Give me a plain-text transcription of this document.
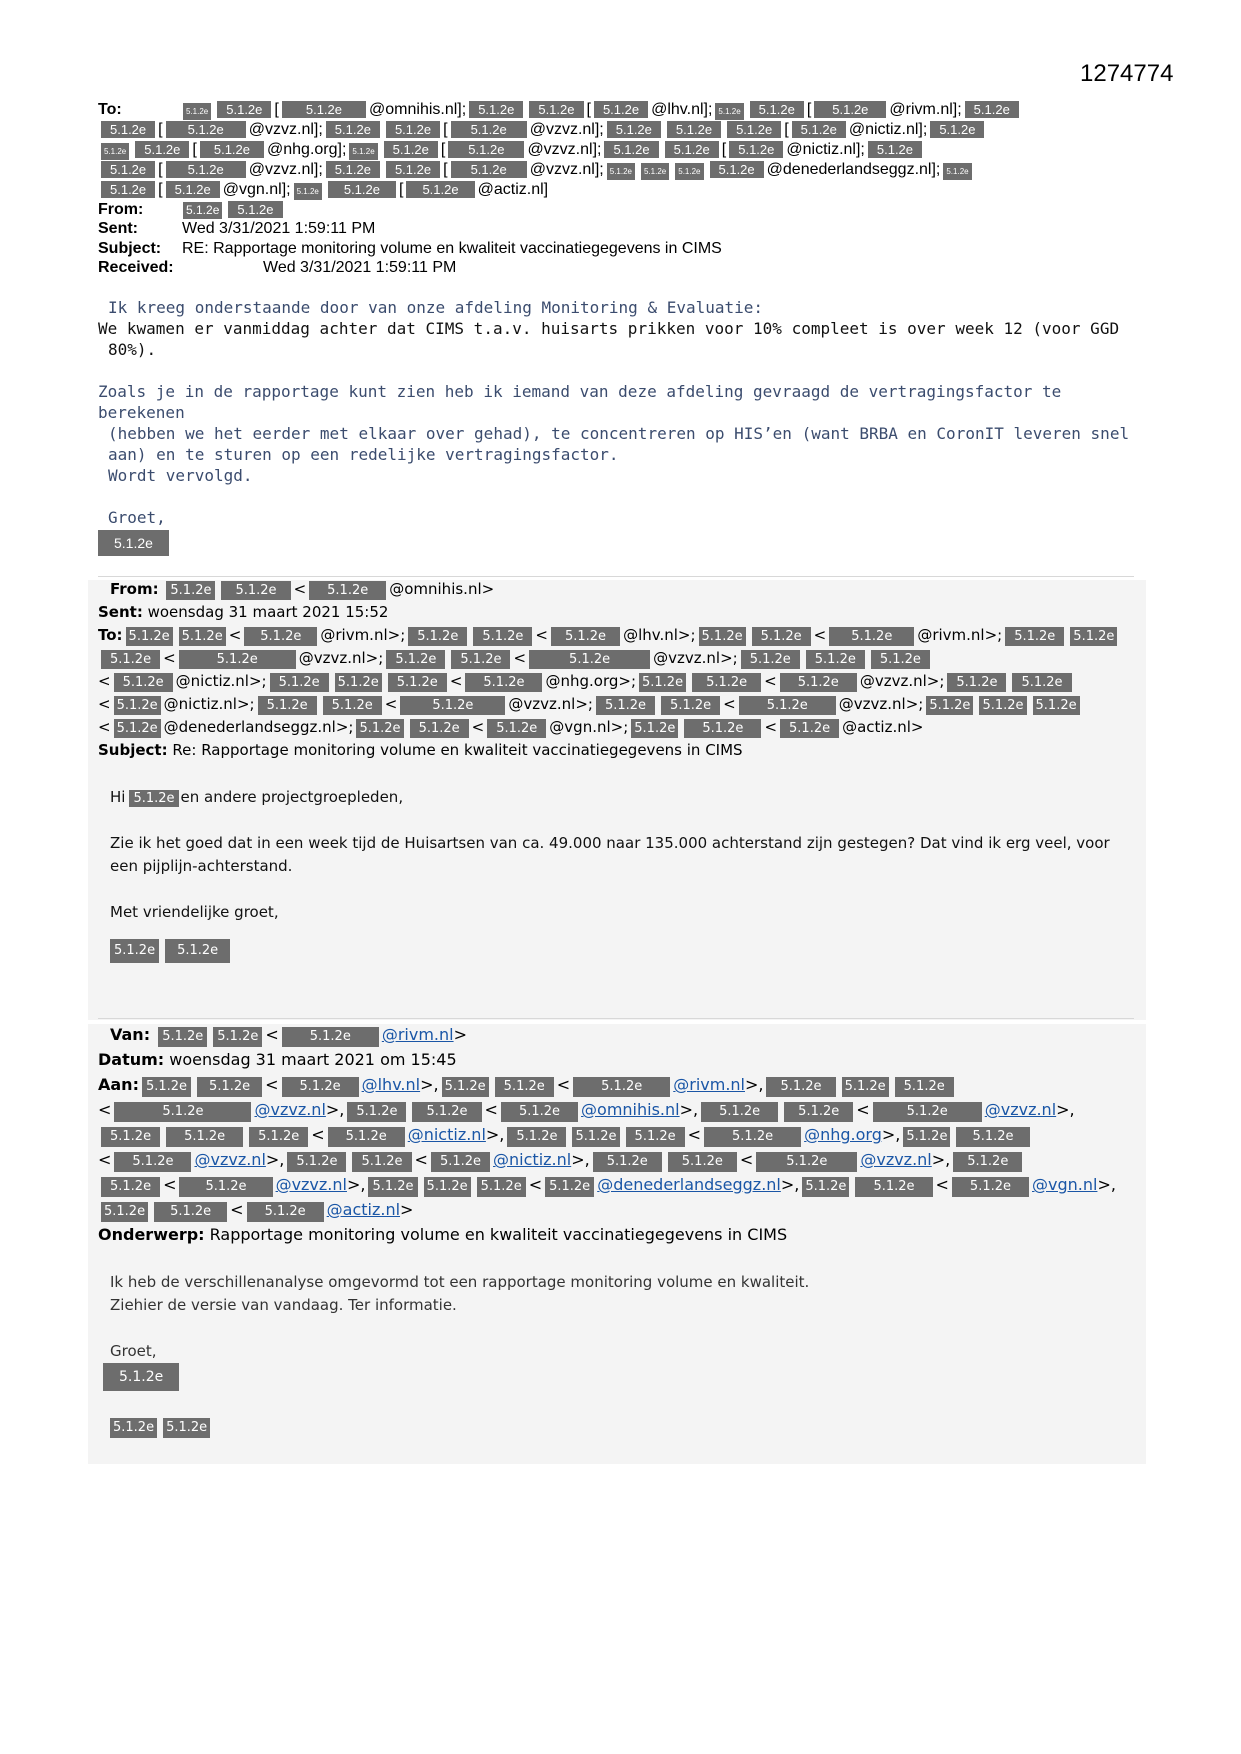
1274774
To:	5.1.2e 5.1.2e [ 5.1.2e @omnihis.nl]; 5.1.2e 5.1.2e [ 5.1.2e @lhv.nl]; 5.1.2e 5.1.2e [ 5.1.2e @rivm.nl]; 5.1.2e
5.1.2e [ 5.1.2e @vzvz.nl]; 5.1.2e 5.1.2e [ 5.1.2e @vzvz.nl]; 5.1.2e 5.1.2e 5.1.2e [ 5.1.2e @nictiz.nl]; 5.1.2e
5.1.2e 5.1.2e [ 5.1.2e @nhg.org]; 5.1.2e 5.1.2e [ 5.1.2e @vzvz.nl]; 5.1.2e 5.1.2e [ 5.1.2e @nictiz.nl]; 5.1.2e
5.1.2e [ 5.1.2e @vzvz.nl]; 5.1.2e 5.1.2e [ 5.1.2e @vzvz.nl]; 5.1.2e 5.1.2e 5.1.2e 5.1.2e @denederlandseggz.nl]; 5.1.2e
5.1.2e [ 5.1.2e @vgn.nl]; 5.1.2e 5.1.2e [ 5.1.2e @actiz.nl]
From:	5.1.2e 5.1.2e
Sent:	Wed 3/31/2021 1:59:11 PM
Subject: RE: Rapportage monitoring volume en kwaliteit vaccinatiegegevens in CIMS
Received:	Wed 3/31/2021 1:59:11 PM
Ik kreeg onderstaande door van onze afdeling Monitoring & Evaluatie:
We kwamen er vanmiddag achter dat CIMS t.a.v. huisarts prikken voor 10% compleet is over week 12 (voor GGD
80%).
Zoals je in de rapportage kunt zien heb ik iemand van deze afdeling gevraagd de vertragingsfactor te berekenen
(hebben we het eerder met elkaar over gehad), te concentreren op HIS’en (want BRBA en CoronIT leveren snel
aan) en te sturen op een redelijke vertragingsfactor.
Wordt vervolgd.
Groet,
5.1.2e
From: 5.1.2e 5.1.2e < 5.1.2e @omnihis.nl>
Sent: woensdag 31 maart 2021 15:52
To: 5.1.2e 5.1.2e < 5.1.2e @rivm.nl>; 5.1.2e 5.1.2e < 5.1.2e @lhv.nl>; 5.1.2e 5.1.2e < 5.1.2e @rivm.nl>; 5.1.2e 5.1.2e
5.1.2e <	5.1.2e	@vzvz.nl>; 5.1.2e 5.1.2e <	5.1.2e	@vzvz.nl>; 5.1.2e 5.1.2e 5.1.2e
< 5.1.2e @nictiz.nl>; 5.1.2e 5.1.2e 5.1.2e < 5.1.2e @nhg.org>; 5.1.2e 5.1.2e < 5.1.2e @vzvz.nl>; 5.1.2e 5.1.2e
< 5.1.2e @nictiz.nl>; 5.1.2e 5.1.2e <	5.1.2e @vzvz.nl>; 5.1.2e 5.1.2e < 5.1.2e @vzvz.nl>; 5.1.2e 5.1.2e 5.1.2e
< 5.1.2e @denederlandseggz.nl>; 5.1.2e 5.1.2e < 5.1.2e @vgn.nl>; 5.1.2e 5.1.2e < 5.1.2e @actiz.nl>
Subject: Re: Rapportage monitoring volume en kwaliteit vaccinatiegegevens in CIMS
Hi 5.1.2e en andere projectgroepleden,
Zie ik het goed dat in een week tijd de Huisartsen van ca. 49.000 naar 135.000 achterstand zijn gestegen? Dat vind ik erg veel, voor
een pijplijn-achterstand.
Met vriendelijke groet,
5.1.2e 5.1.2e
Van: 5.1.2e 5.1.2e < 5.1.2e @rivm.nl>
Datum: woensdag 31 maart 2021 om 15:45
Aan: 5.1.2e 5.1.2e < 5.1.2e @lhv.nl>, 5.1.2e 5.1.2e < 5.1.2e @rivm.nl>, 5.1.2e 5.1.2e 5.1.2e
<	5.1.2e	@vzvz.nl>, 5.1.2e 5.1.2e < 5.1.2e @omnihis.nl>, 5.1.2e	5.1.2e <	5.1.2e @vzvz.nl>,
5.1.2e	5.1.2e	5.1.2e < 5.1.2e @nictiz.nl>, 5.1.2e 5.1.2e 5.1.2e < 5.1.2e @nhg.org>, 5.1.2e 5.1.2e
< 5.1.2e @vzvz.nl>, 5.1.2e 5.1.2e < 5.1.2e @nictiz.nl>, 5.1.2e	5.1.2e <	5.1.2e @vzvz.nl>, 5.1.2e
5.1.2e < 5.1.2e @vzvz.nl>, 5.1.2e 5.1.2e 5.1.2e < 5.1.2e @denederlandseggz.nl>, 5.1.2e 5.1.2e < 5.1.2e @vgn.nl>,
5.1.2e 5.1.2e < 5.1.2e @actiz.nl>
Onderwerp: Rapportage monitoring volume en kwaliteit vaccinatiegegevens in CIMS
Ik heb de verschillenanalyse omgevormd tot een rapportage monitoring volume en kwaliteit.
Ziehier de versie van vandaag. Ter informatie.
Groet,
5.1.2e
5.1.2e 5.1.2e
